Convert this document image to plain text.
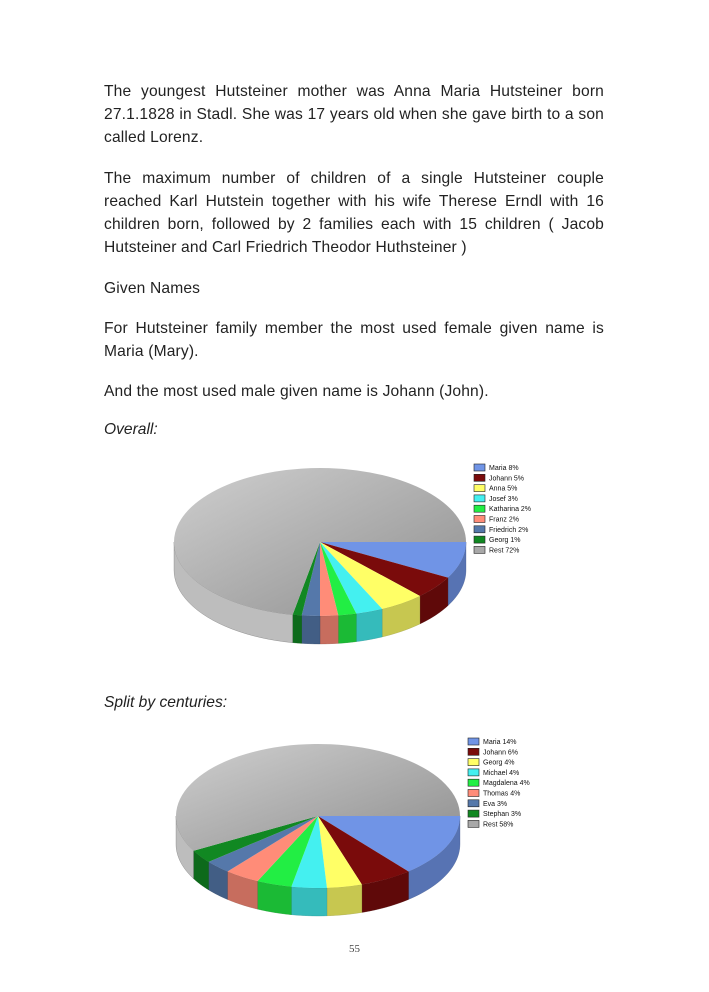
The youngest Hutsteiner mother was Anna Maria Hutsteiner born 27.1.1828 in Stadl. She was 17 years old when she gave birth to a son called Lorenz.

The maximum number of children of a single Hutsteiner couple reached Karl Hutstein together with his wife Therese Erndl with 16 children born, followed by 2 families each with 15 children ( Jacob Hutsteiner and Carl Friedrich Theodor Huthsteiner )

Given Names

For Hutsteiner family member the most used female given name is Maria (Mary).

And the most used male given name is Johann (John).

Overall:

Maria 8%
Johann 5%
Anna 5%
Josef 3%
Katharina 2%
Franz 2%
Friedrich 2%
Georg 1%
Rest 72%

Split by centuries:

Maria 14%
Johann 6%
Georg 4%
Michael 4%
Magdalena 4%
Thomas 4%
Eva 3%
Stephan 3%
Rest 58%
55
